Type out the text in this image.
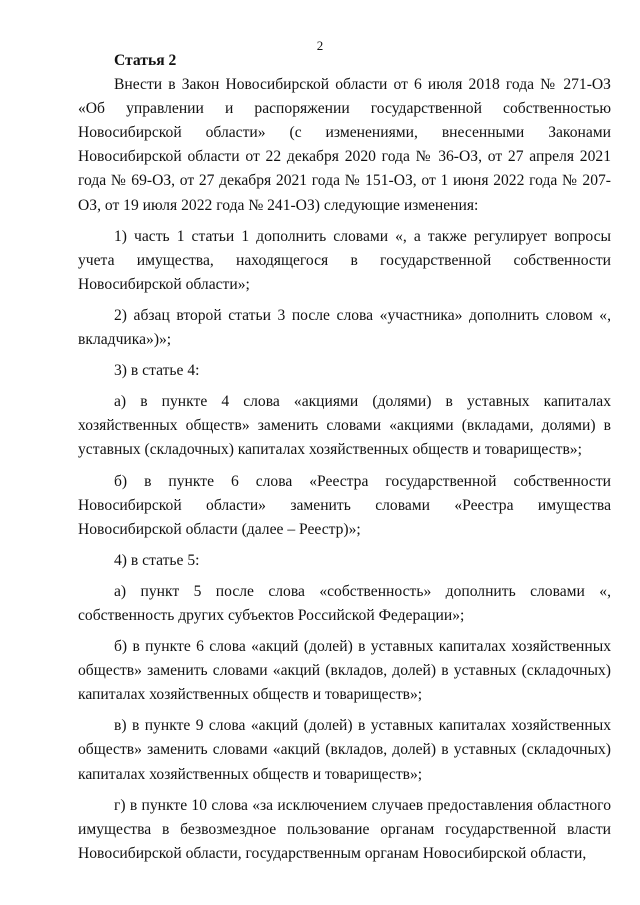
2

Статья 2

Внести в Закон Новосибирской области от 6 июля 2018 года № 271-ОЗ «Об управлении и распоряжении государственной собственностью Новосибирской области» (с изменениями, внесенными Законами Новосибирской области от 22 декабря 2020 года № 36-ОЗ, от 27 апреля 2021 года № 69-ОЗ, от 27 декабря 2021 года № 151-ОЗ, от 1 июня 2022 года № 207-ОЗ, от 19 июля 2022 года № 241-ОЗ) следующие изменения:

1) часть 1 статьи 1 дополнить словами «, а также регулирует вопросы учета имущества, находящегося в государственной собственности Новосибирской области»;

2) абзац второй статьи 3 после слова «участника» дополнить словом «, вкладчика»)»;

3) в статье 4:

а) в пункте 4 слова «акциями (долями) в уставных капиталах хозяйственных обществ» заменить словами «акциями (вкладами, долями) в уставных (складочных) капиталах хозяйственных обществ и товариществ»;

б) в пункте 6 слова «Реестра государственной собственности Новосибирской области» заменить словами «Реестра имущества Новосибирской области (далее – Реестр)»;

4) в статье 5:

а) пункт 5 после слова «собственность» дополнить словами «, собственность других субъектов Российской Федерации»;

б) в пункте 6 слова «акций (долей) в уставных капиталах хозяйственных обществ» заменить словами «акций (вкладов, долей) в уставных (складочных) капиталах хозяйственных обществ и товариществ»;

в) в пункте 9 слова «акций (долей) в уставных капиталах хозяйственных обществ» заменить словами «акций (вкладов, долей) в уставных (складочных) капиталах хозяйственных обществ и товариществ»;

г) в пункте 10 слова «за исключением случаев предоставления областного имущества в безвозмездное пользование органам государственной власти Новосибирской области, государственным органам Новосибирской области,
